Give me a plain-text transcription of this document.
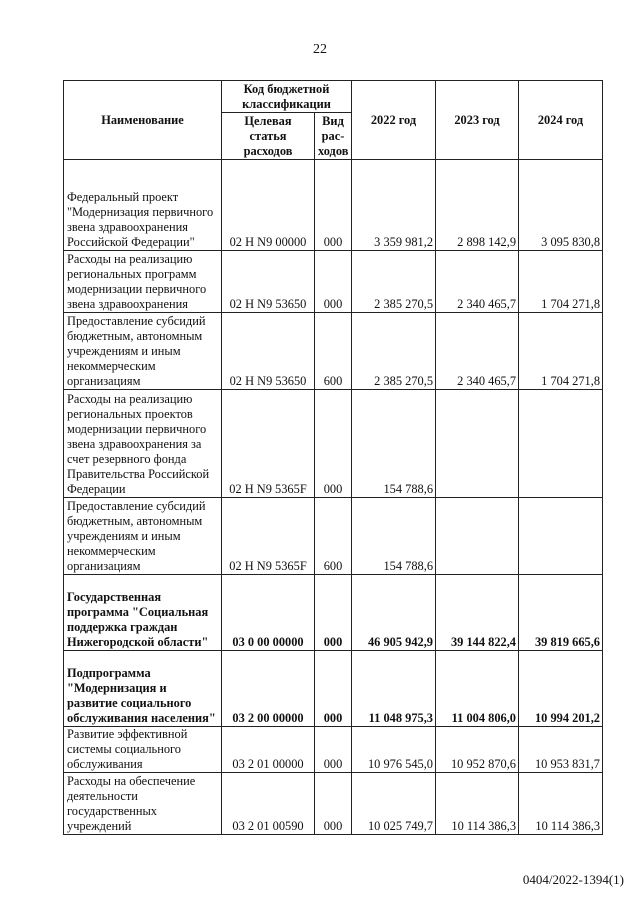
22
Наименование	Код бюджетной классификации		2022 год	2023 год	2024 год
	Целевая статья расходов	Вид рас-ходов			
Федеральный проект "Модернизация первичного звена здравоохранения Российской Федерации"	02 Н N9 00000	000	3 359 981,2	2 898 142,9	3 095 830,8
Расходы на реализацию региональных программ модернизации первичного звена здравоохранения	02 Н N9 53650	000	2 385 270,5	2 340 465,7	1 704 271,8
Предоставление субсидий бюджетным, автономным учреждениям и иным некоммерческим организациям	02 Н N9 53650	600	2 385 270,5	2 340 465,7	1 704 271,8
Расходы на реализацию региональных проектов модернизации первичного звена здравоохранения за счет резервного фонда Правительства Российской Федерации	02 Н N9 5365F	000	154 788,6		
Предоставление субсидий бюджетным, автономным учреждениям и иным некоммерческим организациям	02 Н N9 5365F	600	154 788,6		
Государственная программа "Социальная поддержка граждан Нижегородской области"	03 0 00 00000	000	46 905 942,9	39 144 822,4	39 819 665,6
Подпрограмма "Модернизация и развитие социального обслуживания населения"	03 2 00 00000	000	11 048 975,3	11 004 806,0	10 994 201,2
Развитие эффективной системы социального обслуживания	03 2 01 00000	000	10 976 545,0	10 952 870,6	10 953 831,7
Расходы на обеспечение деятельности государственных учреждений	03 2 01 00590	000	10 025 749,7	10 114 386,3	10 114 386,3
0404/2022-1394(1)
